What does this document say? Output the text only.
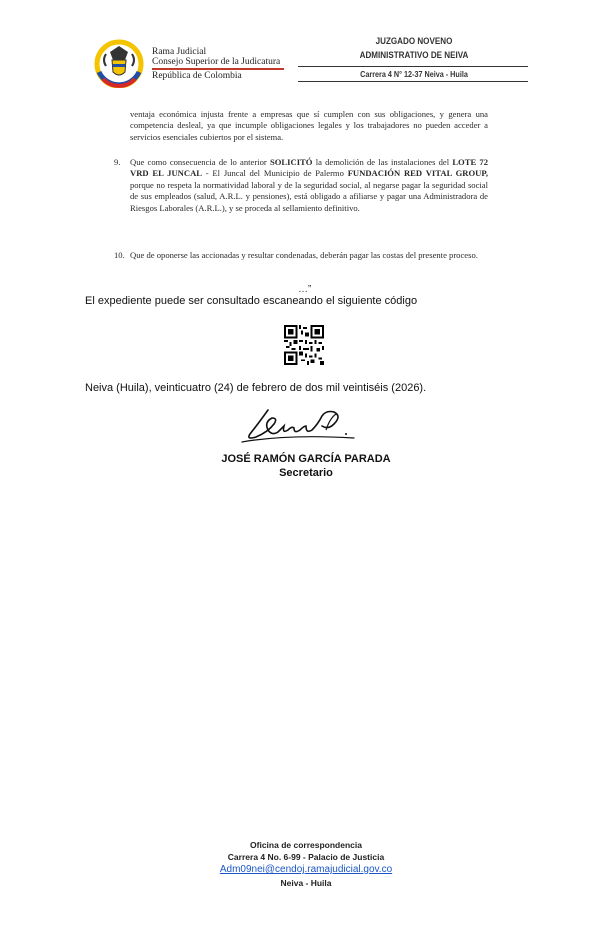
Rama Judicial
Consejo Superior de la Judicatura
República de Colombia
JUZGADO NOVENO
ADMINISTRATIVO DE NEIVA
Carrera 4 N° 12-37 Neiva - Huila
ventaja económica injusta frente a empresas que sí cumplen con sus obligaciones, y genera una competencia desleal, ya que incumple obligaciones legales y los trabajadores no pueden acceder a servicios esenciales cubiertos por el sistema.
9. Que como consecuencia de lo anterior SOLICITÓ la demolición de las instalaciones del LOTE 72 VRD EL JUNCAL - El Juncal del Municipio de Palermo FUNDACIÓN RED VITAL GROUP, porque no respeta la normatividad laboral y de la seguridad social, al negarse pagar la seguridad social de sus empleados (salud, A.R.L. y pensiones), está obligado a afiliarse y pagar una Administradora de Riesgos Laborales (A.R.L.), y se proceda al sellamiento definitivo.
10. Que de oponerse las accionadas y resultar condenadas, deberán pagar las costas del presente proceso.
…”
El expediente puede ser consultado escaneando el siguiente código
Neiva (Huila), veinticuatro (24) de febrero de dos mil veintiséis (2026).
JOSÉ RAMÓN GARCÍA PARADA
Secretario
Oficina de correspondencia
Carrera 4 No. 6-99 - Palacio de Justicia
Adm09nei@cendoj.ramajudicial.gov.co
Neiva - Huila
